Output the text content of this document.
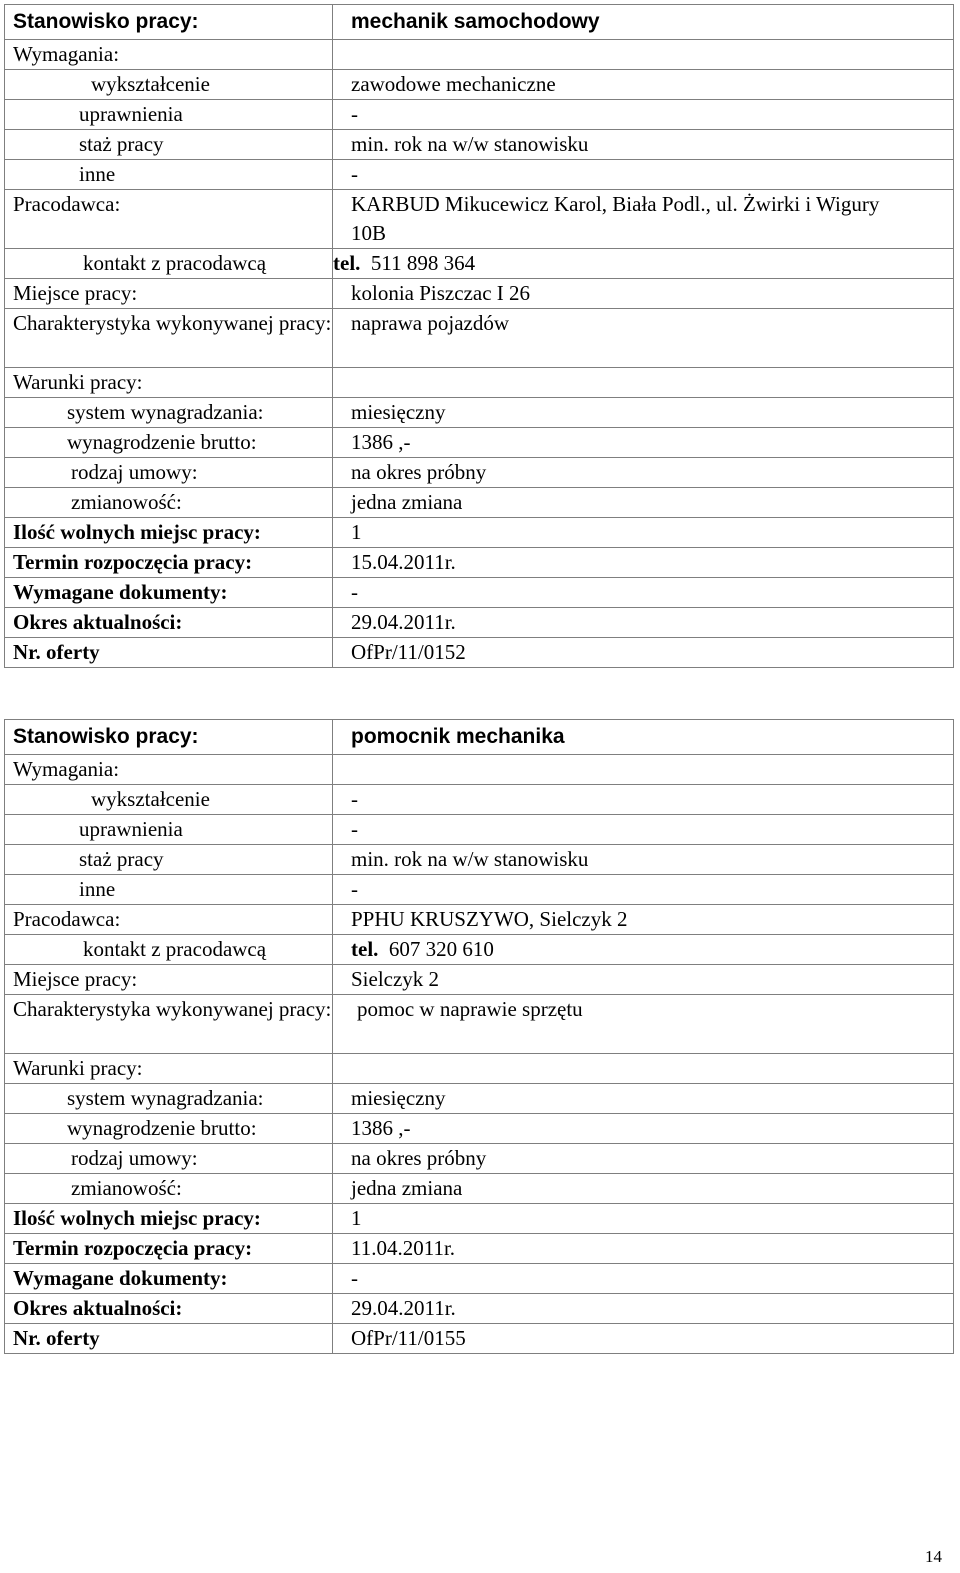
Stanowisko pracy:	mechanik samochodowy
Wymagania:	
wykształcenie	zawodowe mechaniczne
uprawnienia	-
staż pracy	min. rok na w/w stanowisku
inne	-
Pracodawca:	KARBUD Mikucewicz Karol, Biała Podl., ul. Żwirki i Wigury 10B
kontakt z pracodawcą	tel. 511 898 364
Miejsce pracy:	kolonia Piszczac I 26
Charakterystyka wykonywanej pracy:	naprawa pojazdów
Warunki pracy:	
system wynagradzania:	miesięczny
wynagrodzenie brutto:	1386 ,-
rodzaj umowy:	na okres próbny
zmianowość:	jedna zmiana
Ilość wolnych miejsc pracy:	1
Termin rozpoczęcia pracy:	15.04.2011r.
Wymagane dokumenty:	-
Okres aktualności:	29.04.2011r.
Nr. oferty	OfPr/11/0152
Stanowisko pracy:	pomocnik mechanika
Wymagania:	
wykształcenie	-
uprawnienia	-
staż pracy	min. rok na w/w stanowisku
inne	-
Pracodawca:	PPHU KRUSZYWO, Sielczyk 2
kontakt z pracodawcą	tel. 607 320 610
Miejsce pracy:	Sielczyk 2
Charakterystyka wykonywanej pracy:	pomoc w naprawie sprzętu
Warunki pracy:	
system wynagradzania:	miesięczny
wynagrodzenie brutto:	1386 ,-
rodzaj umowy:	na okres próbny
zmianowość:	jedna zmiana
Ilość wolnych miejsc pracy:	1
Termin rozpoczęcia pracy:	11.04.2011r.
Wymagane dokumenty:	-
Okres aktualności:	29.04.2011r.
Nr. oferty	OfPr/11/0155
14
